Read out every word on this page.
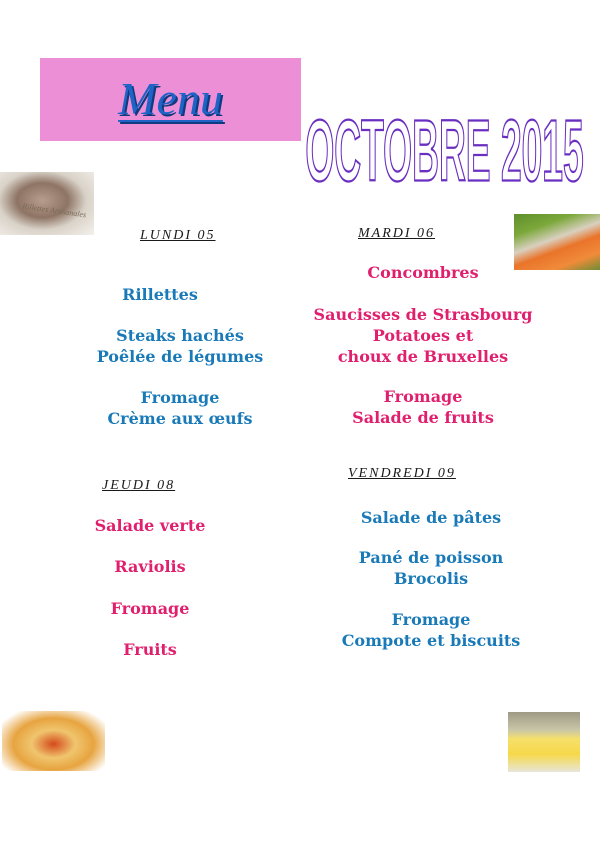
Menu
OCTOBRE 2015
Rillettes Artisanales
LUNDI 05	MARDI 06
JEUDI 08
VENDREDI 09

Rillettes

Steaks hachés

Poêlée de légumes

Fromage

Crème aux œufs

Concombres

Saucisses de Strasbourg

Potatoes et

choux de Bruxelles

Fromage

Salade de fruits

Salade verte

Raviolis

Fromage

Fruits

Salade de pâtes

Pané de poisson

Brocolis

Fromage

Compote et biscuits
